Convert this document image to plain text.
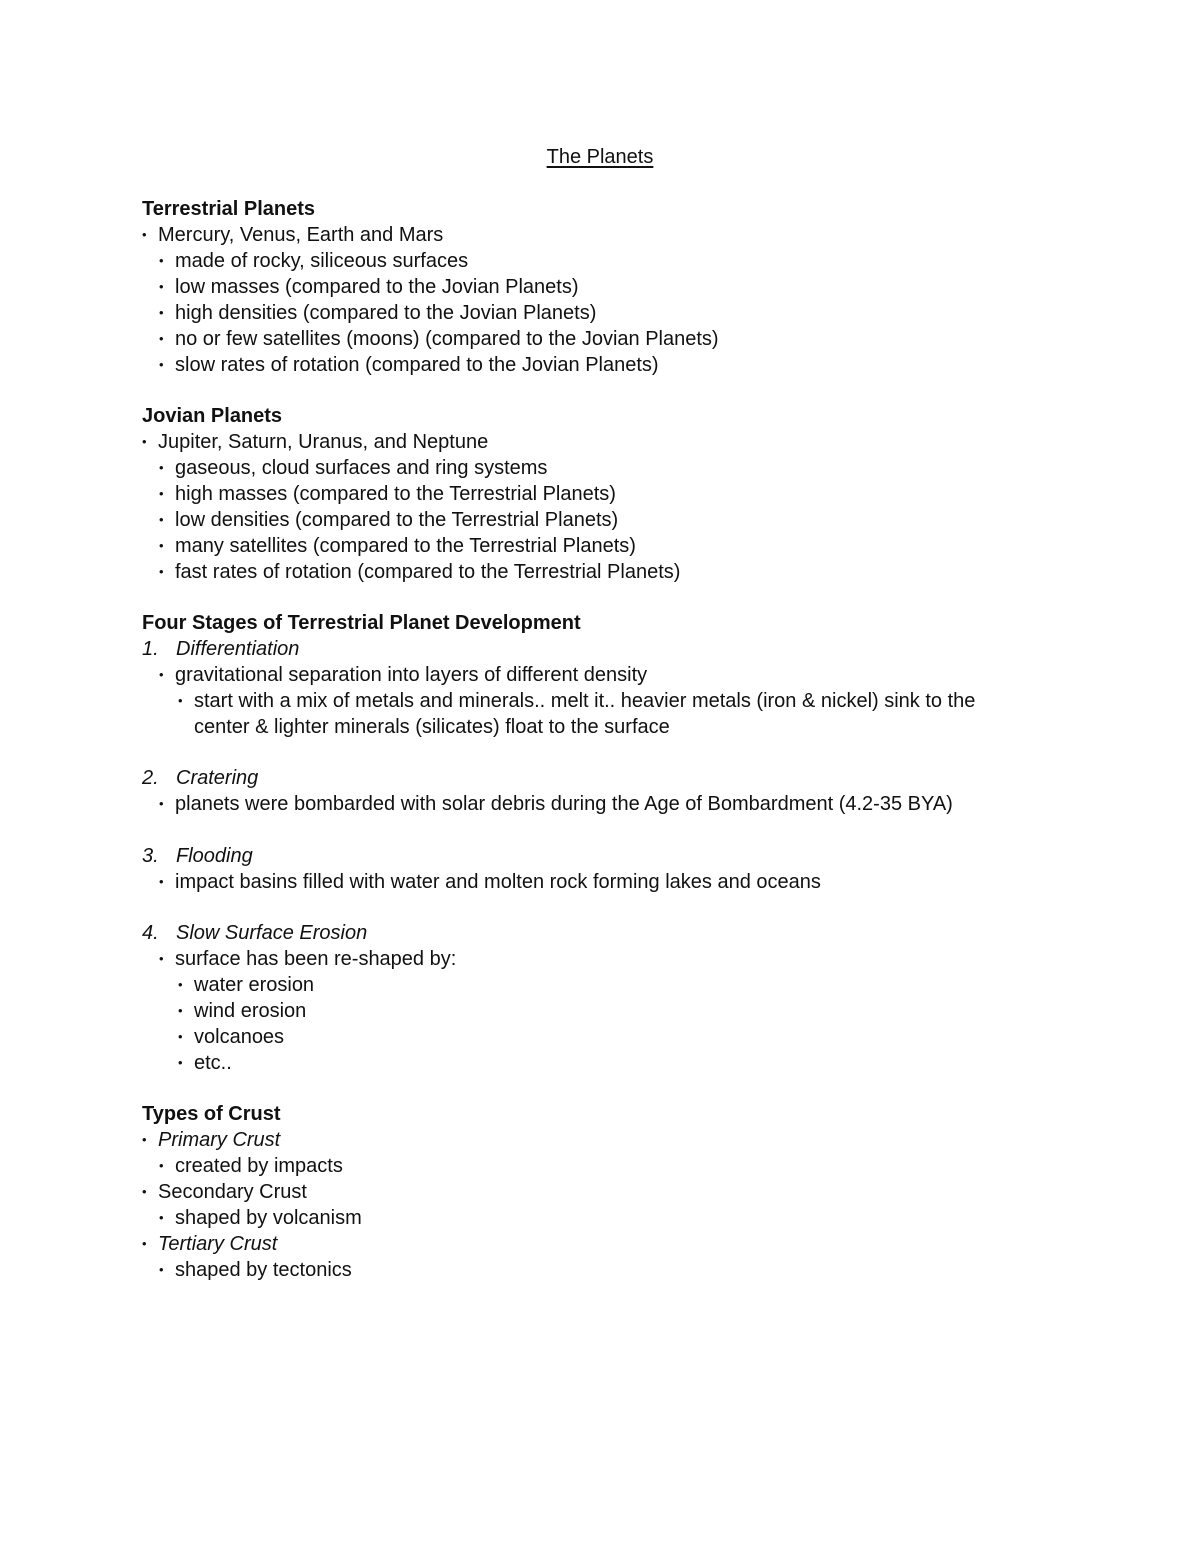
The Planets
Terrestrial Planets
• Mercury, Venus, Earth and Mars
• made of rocky, siliceous surfaces
• low masses (compared to the Jovian Planets)
• high densities (compared to the Jovian Planets)
• no or few satellites (moons) (compared to the Jovian Planets)
• slow rates of rotation (compared to the Jovian Planets)
Jovian Planets
• Jupiter, Saturn, Uranus, and Neptune
• gaseous, cloud surfaces and ring systems
• high masses (compared to the Terrestrial Planets)
• low densities (compared to the Terrestrial Planets)
• many satellites (compared to the Terrestrial Planets)
• fast rates of rotation (compared to the Terrestrial Planets)
Four Stages of Terrestrial Planet Development
1. Differentiation
• gravitational separation into layers of different density
• start with a mix of metals and minerals.. melt it.. heavier metals (iron & nickel) sink to the
center & lighter minerals (silicates) float to the surface
2. Cratering
• planets were bombarded with solar debris during the Age of Bombardment (4.2-35 BYA)
3. Flooding
• impact basins filled with water and molten rock forming lakes and oceans
4. Slow Surface Erosion
• surface has been re-shaped by:
• water erosion
• wind erosion
• volcanoes
• etc..
Types of Crust
• Primary Crust
• created by impacts
• Secondary Crust
• shaped by volcanism
• Tertiary Crust
• shaped by tectonics
